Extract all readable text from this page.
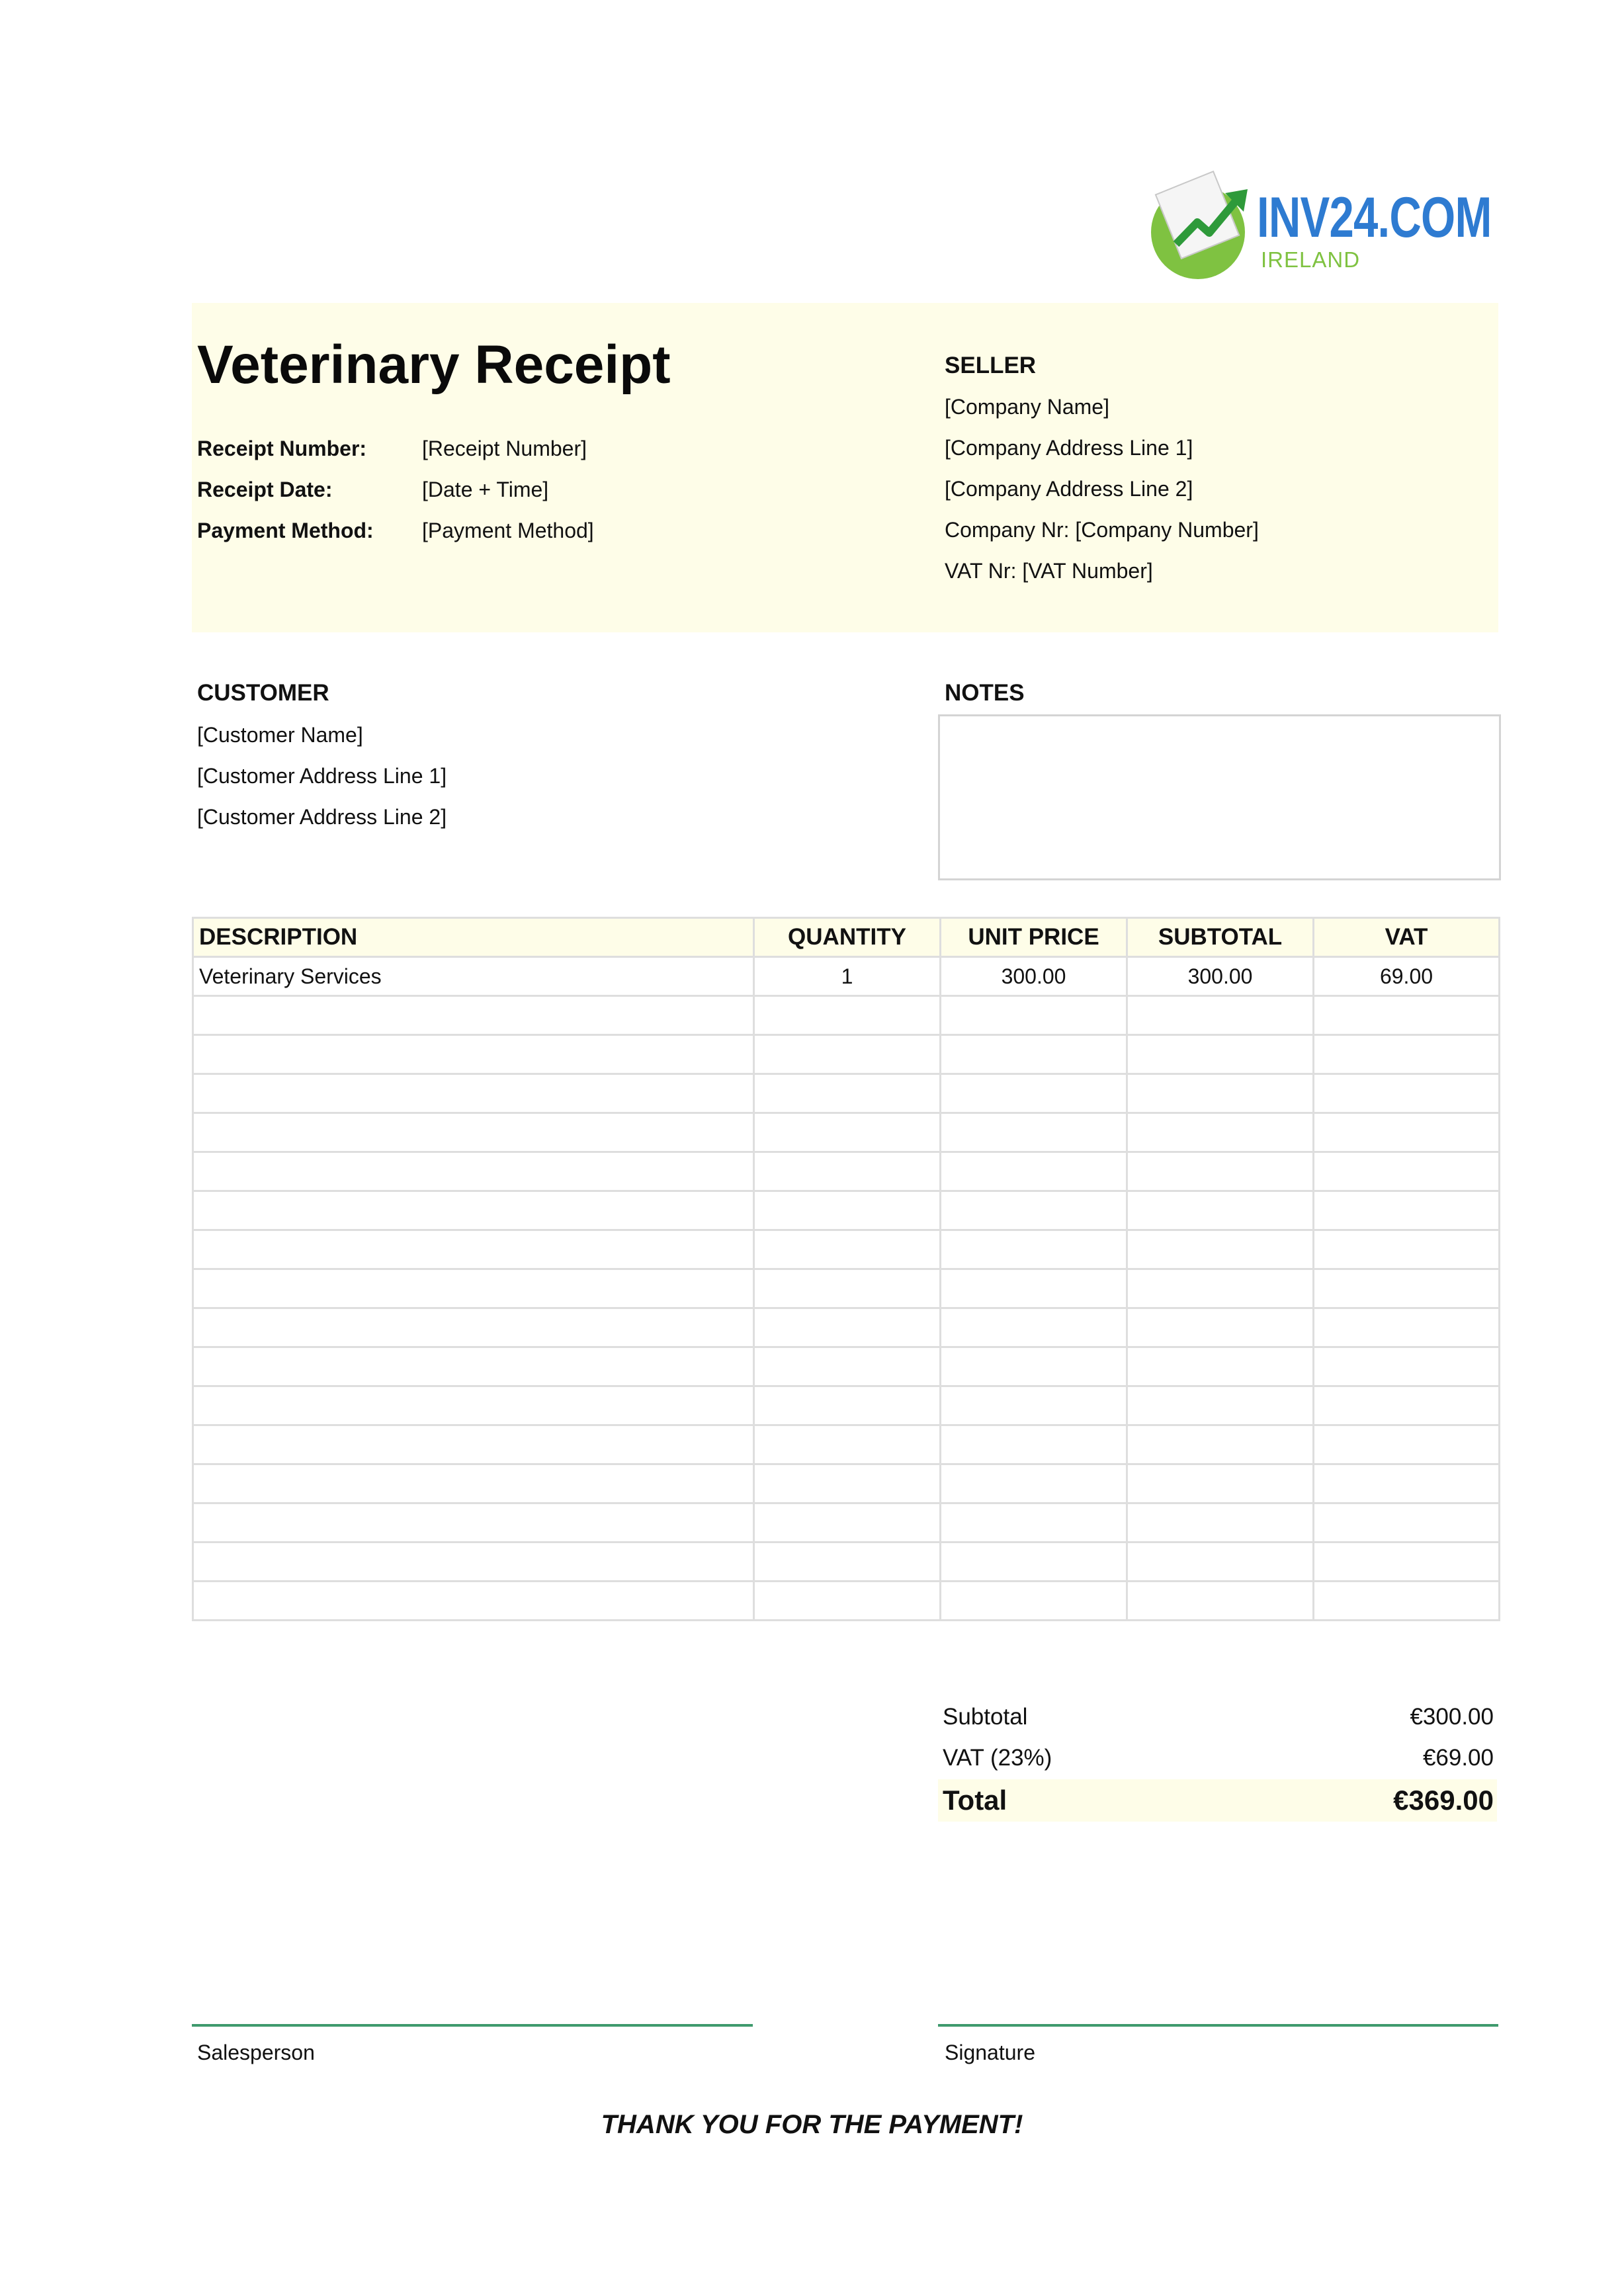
INV24.COM
IRELAND
Veterinary Receipt
Receipt Number:	[Receipt Number]
Receipt Date:	[Date + Time]
Payment Method: [Payment Method]
SELLER
[Company Name]
[Company Address Line 1]
[Company Address Line 2]
Company Nr: [Company Number]
VAT Nr: [VAT Number]
CUSTOMER
[Customer Name]
[Customer Address Line 1]
[Customer Address Line 2]
NOTES
DESCRIPTION	QUANTITY	UNIT PRICE	SUBTOTAL	VAT
Veterinary Services	1	300.00	300.00	69.00

Subtotal	€300.00
VAT (23%)	€69.00
Total	€369.00
Salesperson	Signature
THANK YOU FOR THE PAYMENT!
